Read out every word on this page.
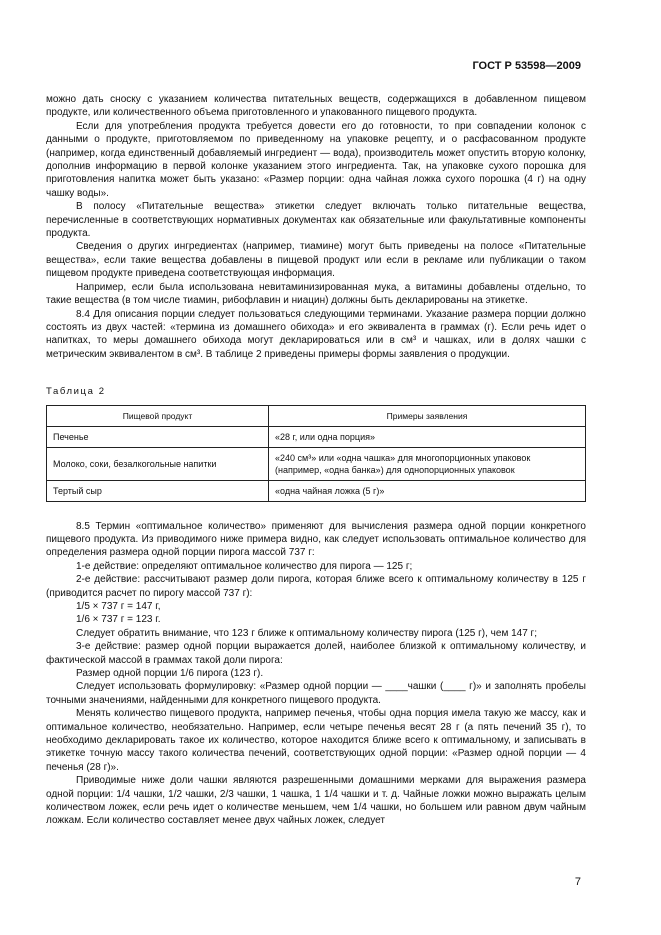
ГОСТ Р 53598—2009

можно дать сноску с указанием количества питательных веществ, содержащихся в добавленном пищевом продукте, или количественного объема приготовленного и упакованного пищевого продукта.

Если для употребления продукта требуется довести его до готовности, то при совпадении колонок с данными о продукте, приготовляемом по приведенному на упаковке рецепту, и о расфасованном продукте (например, когда единственный добавляемый ингредиент — вода), производитель может опустить вторую колонку, дополнив информацию в первой колонке указанием этого ингредиента. Так, на упаковке сухого порошка для приготовления напитка может быть указано: «Размер порции: одна чайная ложка сухого порошка (4 г) на одну чашку воды».

В полосу «Питательные вещества» этикетки следует включать только питательные вещества, перечисленные в соответствующих нормативных документах как обязательные или факультативные компоненты продукта.

Сведения о других ингредиентах (например, тиамине) могут быть приведены на полосе «Питательные вещества», если такие вещества добавлены в пищевой продукт или если в рекламе или публикации о таком пищевом продукте приведена соответствующая информация.

Например, если была использована невитаминизированная мука, а витамины добавлены отдельно, то такие вещества (в том числе тиамин, рибофлавин и ниацин) должны быть декларированы на этикетке.

8.4 Для описания порции следует пользоваться следующими терминами. Указание размера порции должно состоять из двух частей: «термина из домашнего обихода» и его эквивалента в граммах (г). Если речь идет о напитках, то меры домашнего обихода могут декларироваться или в см³ и чашках, или в долях чашки с метрическим эквивалентом в см³. В таблице 2 приведены примеры формы заявления о продукции.

Таблица 2

Пищевой продукт	Примеры заявления
Печенье	«28 г, или одна порция»
Молоко, соки, безалкогольные напитки	«240 см³» или «одна чашка» для многопорционных упаковок (например, «одна банка») для однопорционных упаковок
Тертый сыр	«одна чайная ложка (5 г)»

8.5 Термин «оптимальное количество» применяют для вычисления размера одной порции конкретного пищевого продукта. Из приводимого ниже примера видно, как следует использовать оптимальное количество для определения размера одной порции пирога массой 737 г:

1-е действие: определяют оптимальное количество для пирога — 125 г;

2-е действие: рассчитывают размер доли пирога, которая ближе всего к оптимальному количеству в 125 г (приводится расчет по пирогу массой 737 г):

1/5 × 737 г = 147 г,

1/6 × 737 г = 123 г.

Следует обратить внимание, что 123 г ближе к оптимальному количеству пирога (125 г), чем 147 г;

3-е действие: размер одной порции выражается долей, наиболее близкой к оптимальному количеству, и фактической массой в граммах такой доли пирога:

Размер одной порции 1/6 пирога (123 г).

Следует использовать формулировку: «Размер одной порции — ____чашки (____ г)» и заполнять пробелы точными значениями, найденными для конкретного пищевого продукта.

Менять количество пищевого продукта, например печенья, чтобы одна порция имела такую же массу, как и оптимальное количество, необязательно. Например, если четыре печенья весят 28 г (а пять печений 35 г), то необходимо декларировать такое их количество, которое находится ближе всего к оптимальному, и записывать в этикетке точную массу такого количества печений, соответствующих одной порции: «Размер одной порции — 4 печенья (28 г)».

Приводимые ниже доли чашки являются разрешенными домашними мерками для выражения размера одной порции: 1/4 чашки, 1/2 чашки, 2/3 чашки, 1 чашка, 1 1/4 чашки и т. д. Чайные ложки можно выражать целым количеством ложек, если речь идет о количестве меньшем, чем 1/4 чашки, но большем или равном двум чайным ложкам. Если количество составляет менее двух чайных ложек, следует

7
